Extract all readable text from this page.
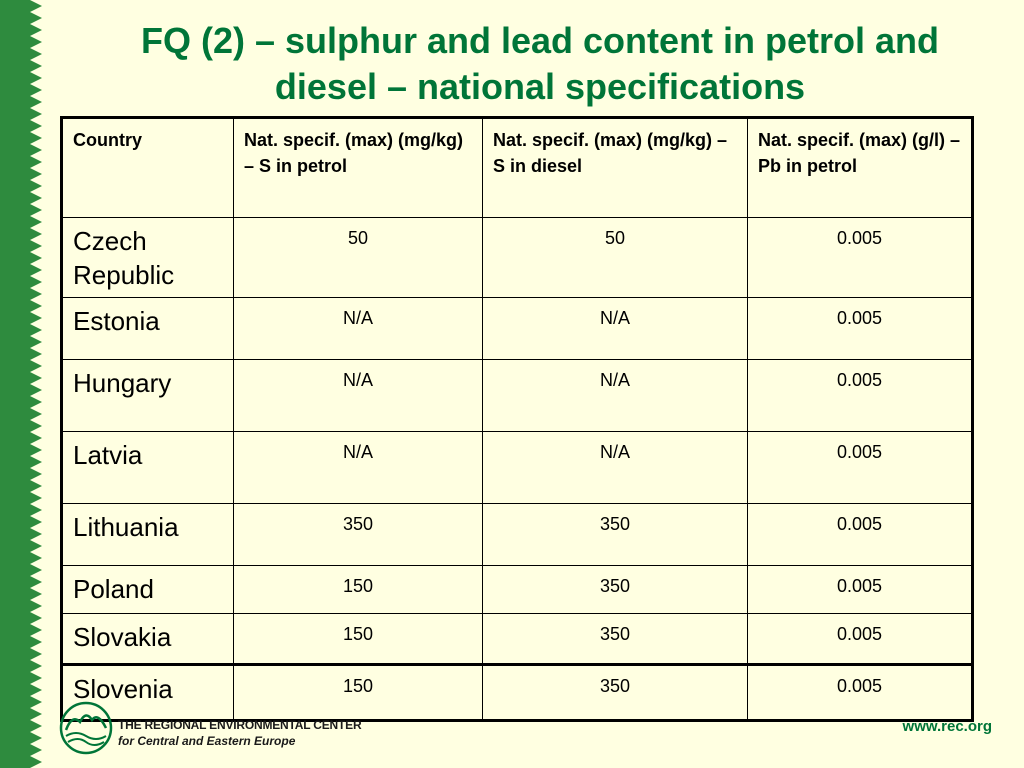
FQ (2) – sulphur and lead content in petrol and
diesel – national specifications
Country	Nat. specif. (max) (mg/kg) – S in petrol	Nat. specif. (max) (mg/kg) – S in diesel	Nat. specif. (max) (g/l) – Pb in petrol
Czech Republic	50	50	0.005
Estonia	N/A	N/A	0.005
Hungary	N/A	N/A	0.005
Latvia	N/A	N/A	0.005
Lithuania	350	350	0.005
Poland	150	350	0.005
Slovakia	150	350	0.005
Slovenia	150	350	0.005
THE REGIONAL ENVIRONMENTAL CENTER
for Central and Eastern Europe
www.rec.org
